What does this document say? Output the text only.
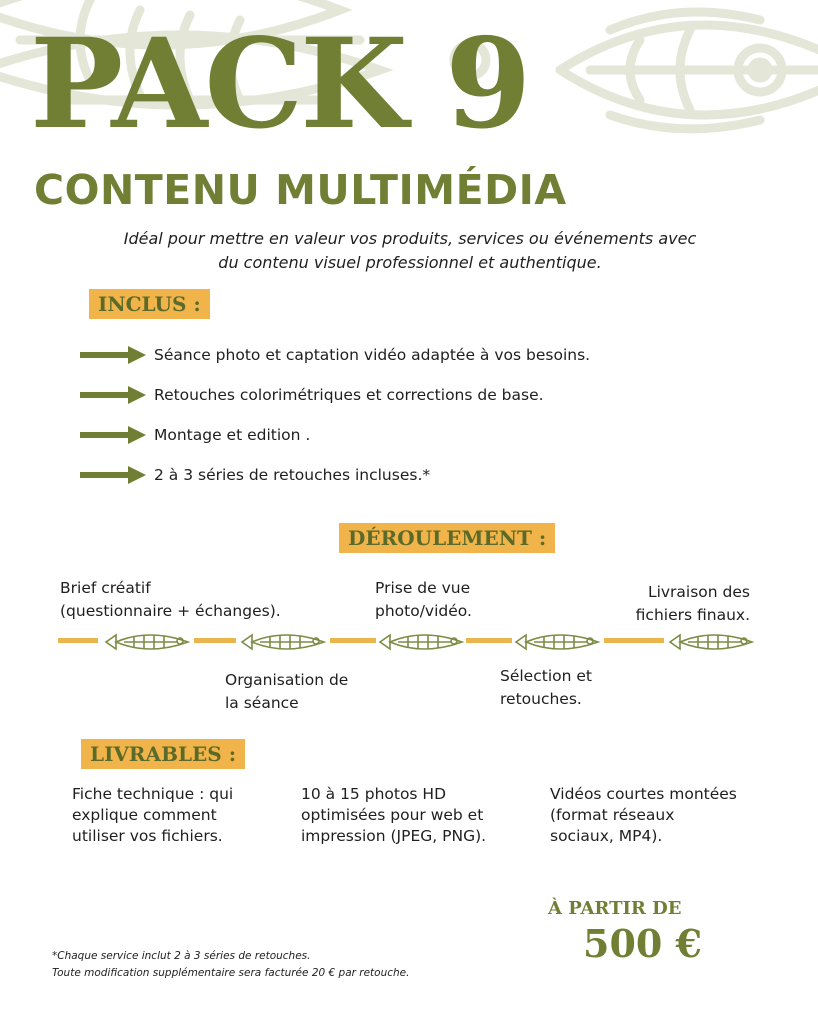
PACK 9
CONTENU MULTIMÉDIA
Idéal pour mettre en valeur vos produits, services ou événements avec
du contenu visuel professionnel et authentique.
INCLUS :
Séance photo et captation vidéo adaptée à vos besoins.
Retouches colorimétriques et corrections de base.
Montage et edition .
2 à 3 séries de retouches incluses.*
DÉROULEMENT :
Brief créatif
(questionnaire + échanges).
Organisation de
la séance
Prise de vue
photo/vidéo.
Sélection et
retouches.
Livraison des
fichiers finaux.
LIVRABLES :
Fiche technique : qui
explique comment
utiliser vos fichiers.
10 à 15 photos HD
optimisées pour web et
impression (JPEG, PNG).
Vidéos courtes montées
(format réseaux
sociaux, MP4).
À PARTIR DE
500 €
*Chaque service inclut 2 à 3 séries de retouches.
Toute modification supplémentaire sera facturée 20 € par retouche.
